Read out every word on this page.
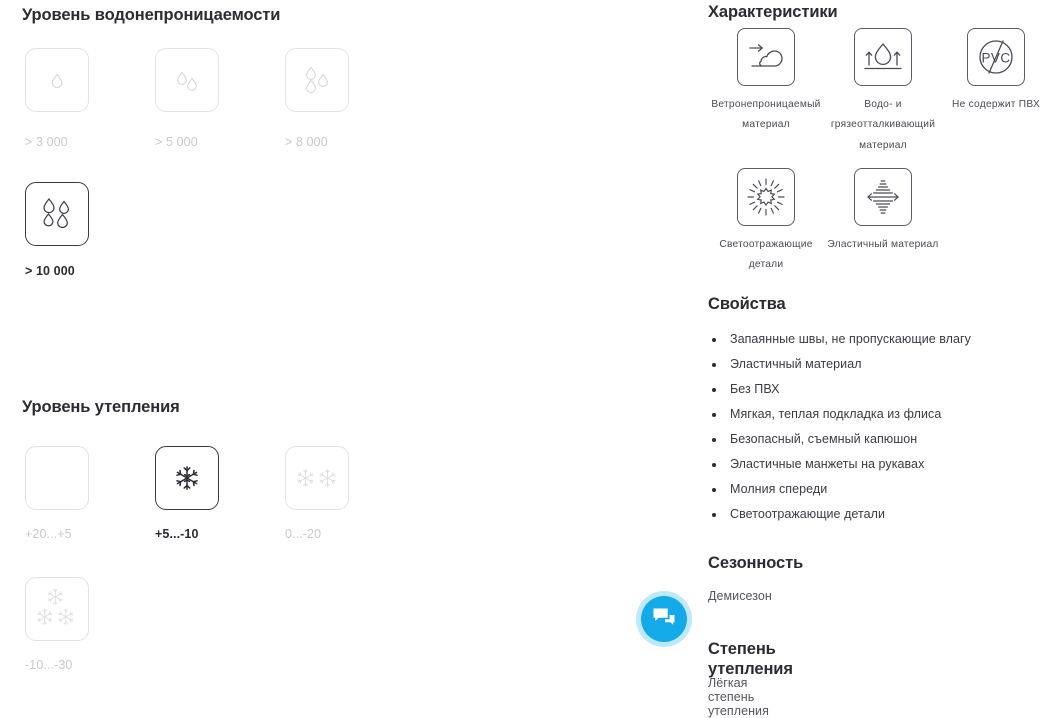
Уровень водонепроницаемости
> 3 000	> 5 000	> 8 000
> 10 000
Уровень утепления
+20...+5	+5...-10	0...-20
-10...-30
Характеристики
Ветронепроницаемый материал
Водо- и грязеотталкивающий материал
PVC
Не содержит ПВХ
Светоотражающие детали
Эластичный материал
Свойства
Запаянные швы, не пропускающие влагу
Эластичный материал
Без ПВХ
Мягкая, теплая подкладка из флиса
Безопасный, съемный капюшон
Эластичные манжеты на рукавах
Молния спереди
Светоотражающие детали
Сезонность
Демисезон
Степень утепления
Лёгкая степень утепления
